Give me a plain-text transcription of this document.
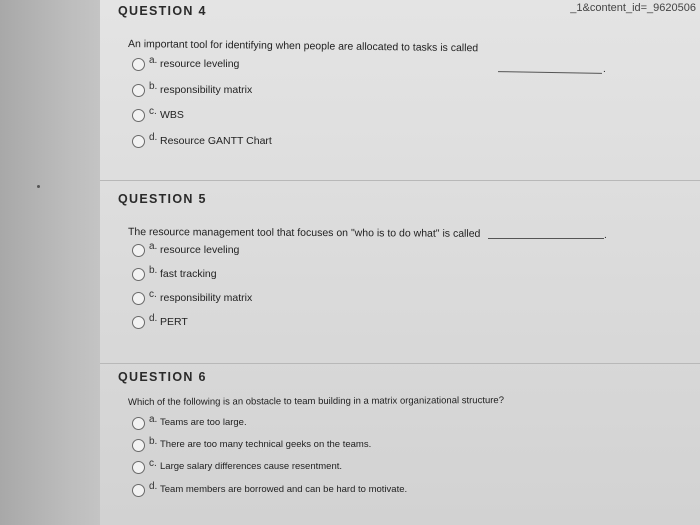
_1&content_id=_9620506
QUESTION 4
An important tool for identifying when people are allocated to tasks is called
.
a. resource leveling
b. responsibility matrix
c. WBS
d. Resource GANTT Chart
QUESTION 5
The resource management tool that focuses on "who is to do what" is called	.
a. resource leveling
b. fast tracking
c. responsibility matrix
d. PERT
QUESTION 6
Which of the following is an obstacle to team building in a matrix organizational structure?
a. Teams are too large.
b. There are too many technical geeks on the teams.
c. Large salary differences cause resentment.
d. Team members are borrowed and can be hard to motivate.
